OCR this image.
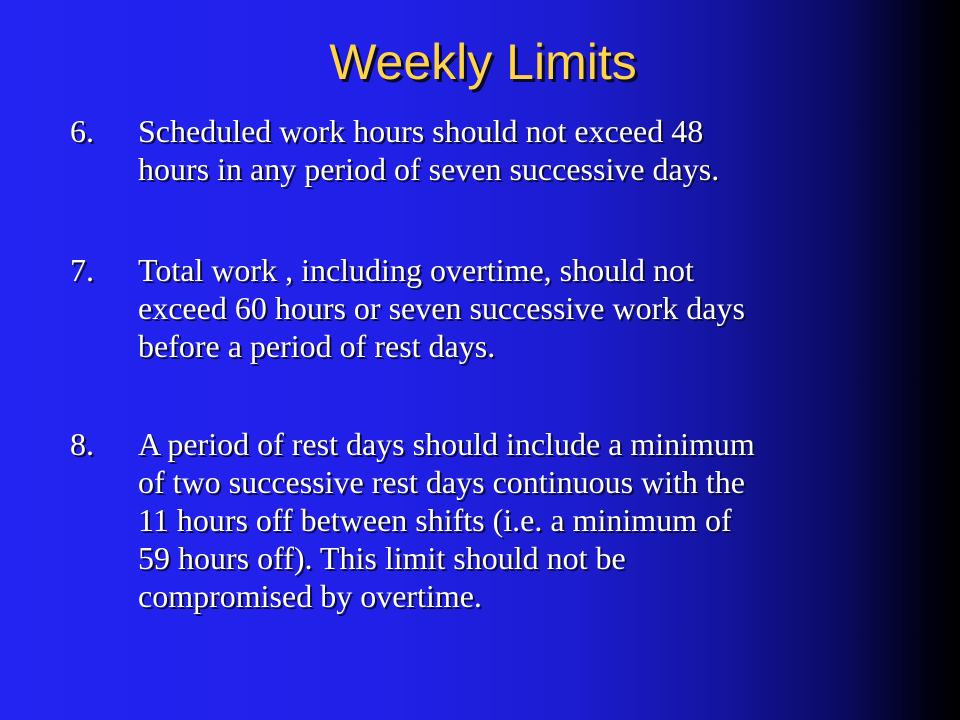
Weekly Limits
6. Scheduled work hours should not exceed 48
hours in any period of seven successive days.
7. Total work , including overtime, should not
exceed 60 hours or seven successive work days
before a period of rest days.
8. A period of rest days should include a minimum
of two successive rest days continuous with the
11 hours off between shifts (i.e. a minimum of
59 hours off). This limit should not be
compromised by overtime.
